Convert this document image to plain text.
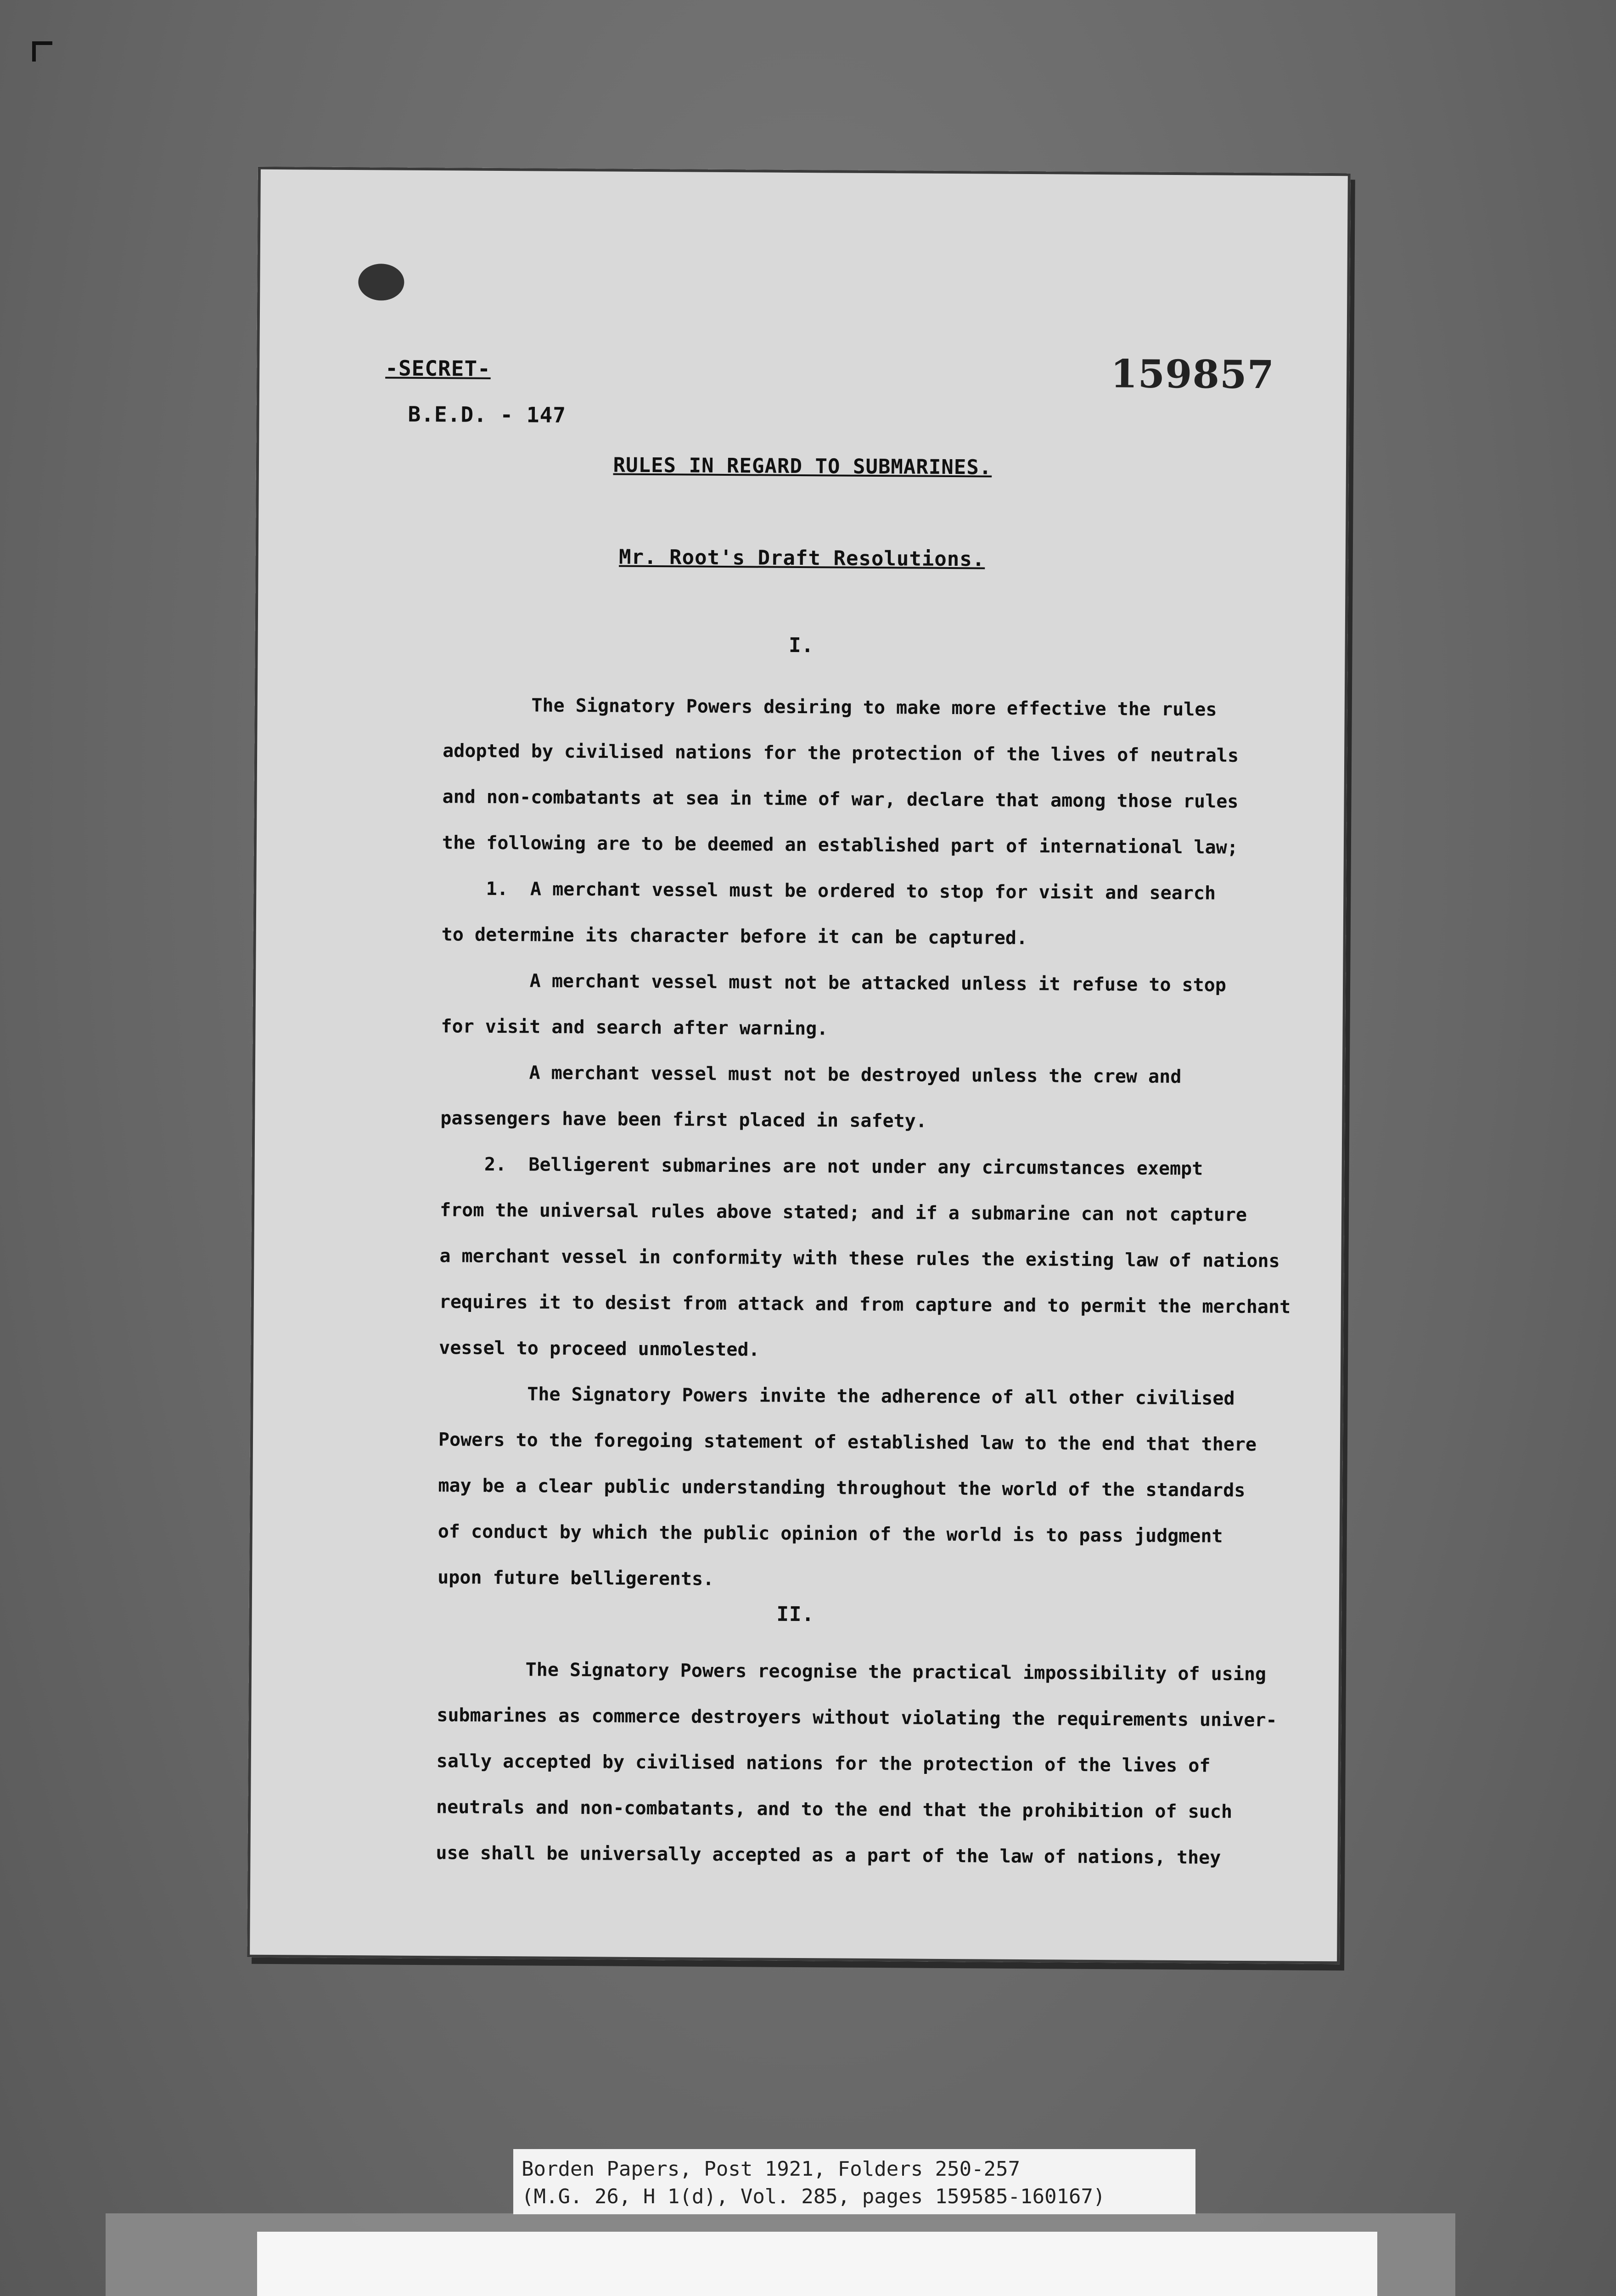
-SECRET-
B.E.D. - 147
159857
RULES IN REGARD TO SUBMARINES.
Mr. Root's Draft Resolutions.
I.
The Signatory Powers desiring to make more effective the rules
adopted by civilised nations for the protection of the lives of neutrals
and non-combatants at sea in time of war, declare that among those rules
the following are to be deemed an established part of international law;
1.  A merchant vessel must be ordered to stop for visit and search
to determine its character before it can be captured.
A merchant vessel must not be attacked unless it refuse to stop
for visit and search after warning.
A merchant vessel must not be destroyed unless the crew and
passengers have been first placed in safety.
2.  Belligerent submarines are not under any circumstances exempt
from the universal rules above stated; and if a submarine can not capture
a merchant vessel in conformity with these rules the existing law of nations
requires it to desist from attack and from capture and to permit the merchant
vessel to proceed unmolested.
The Signatory Powers invite the adherence of all other civilised
Powers to the foregoing statement of established law to the end that there
may be a clear public understanding throughout the world of the standards
of conduct by which the public opinion of the world is to pass judgment
upon future belligerents.
II.
The Signatory Powers recognise the practical impossibility of using
submarines as commerce destroyers without violating the requirements univer-
sally accepted by civilised nations for the protection of the lives of
neutrals and non-combatants, and to the end that the prohibition of such
use shall be universally accepted as a part of the law of nations, they
Borden Papers, Post 1921, Folders 250-257
(M.G. 26, H 1(d), Vol. 285, pages 159585-160167)
